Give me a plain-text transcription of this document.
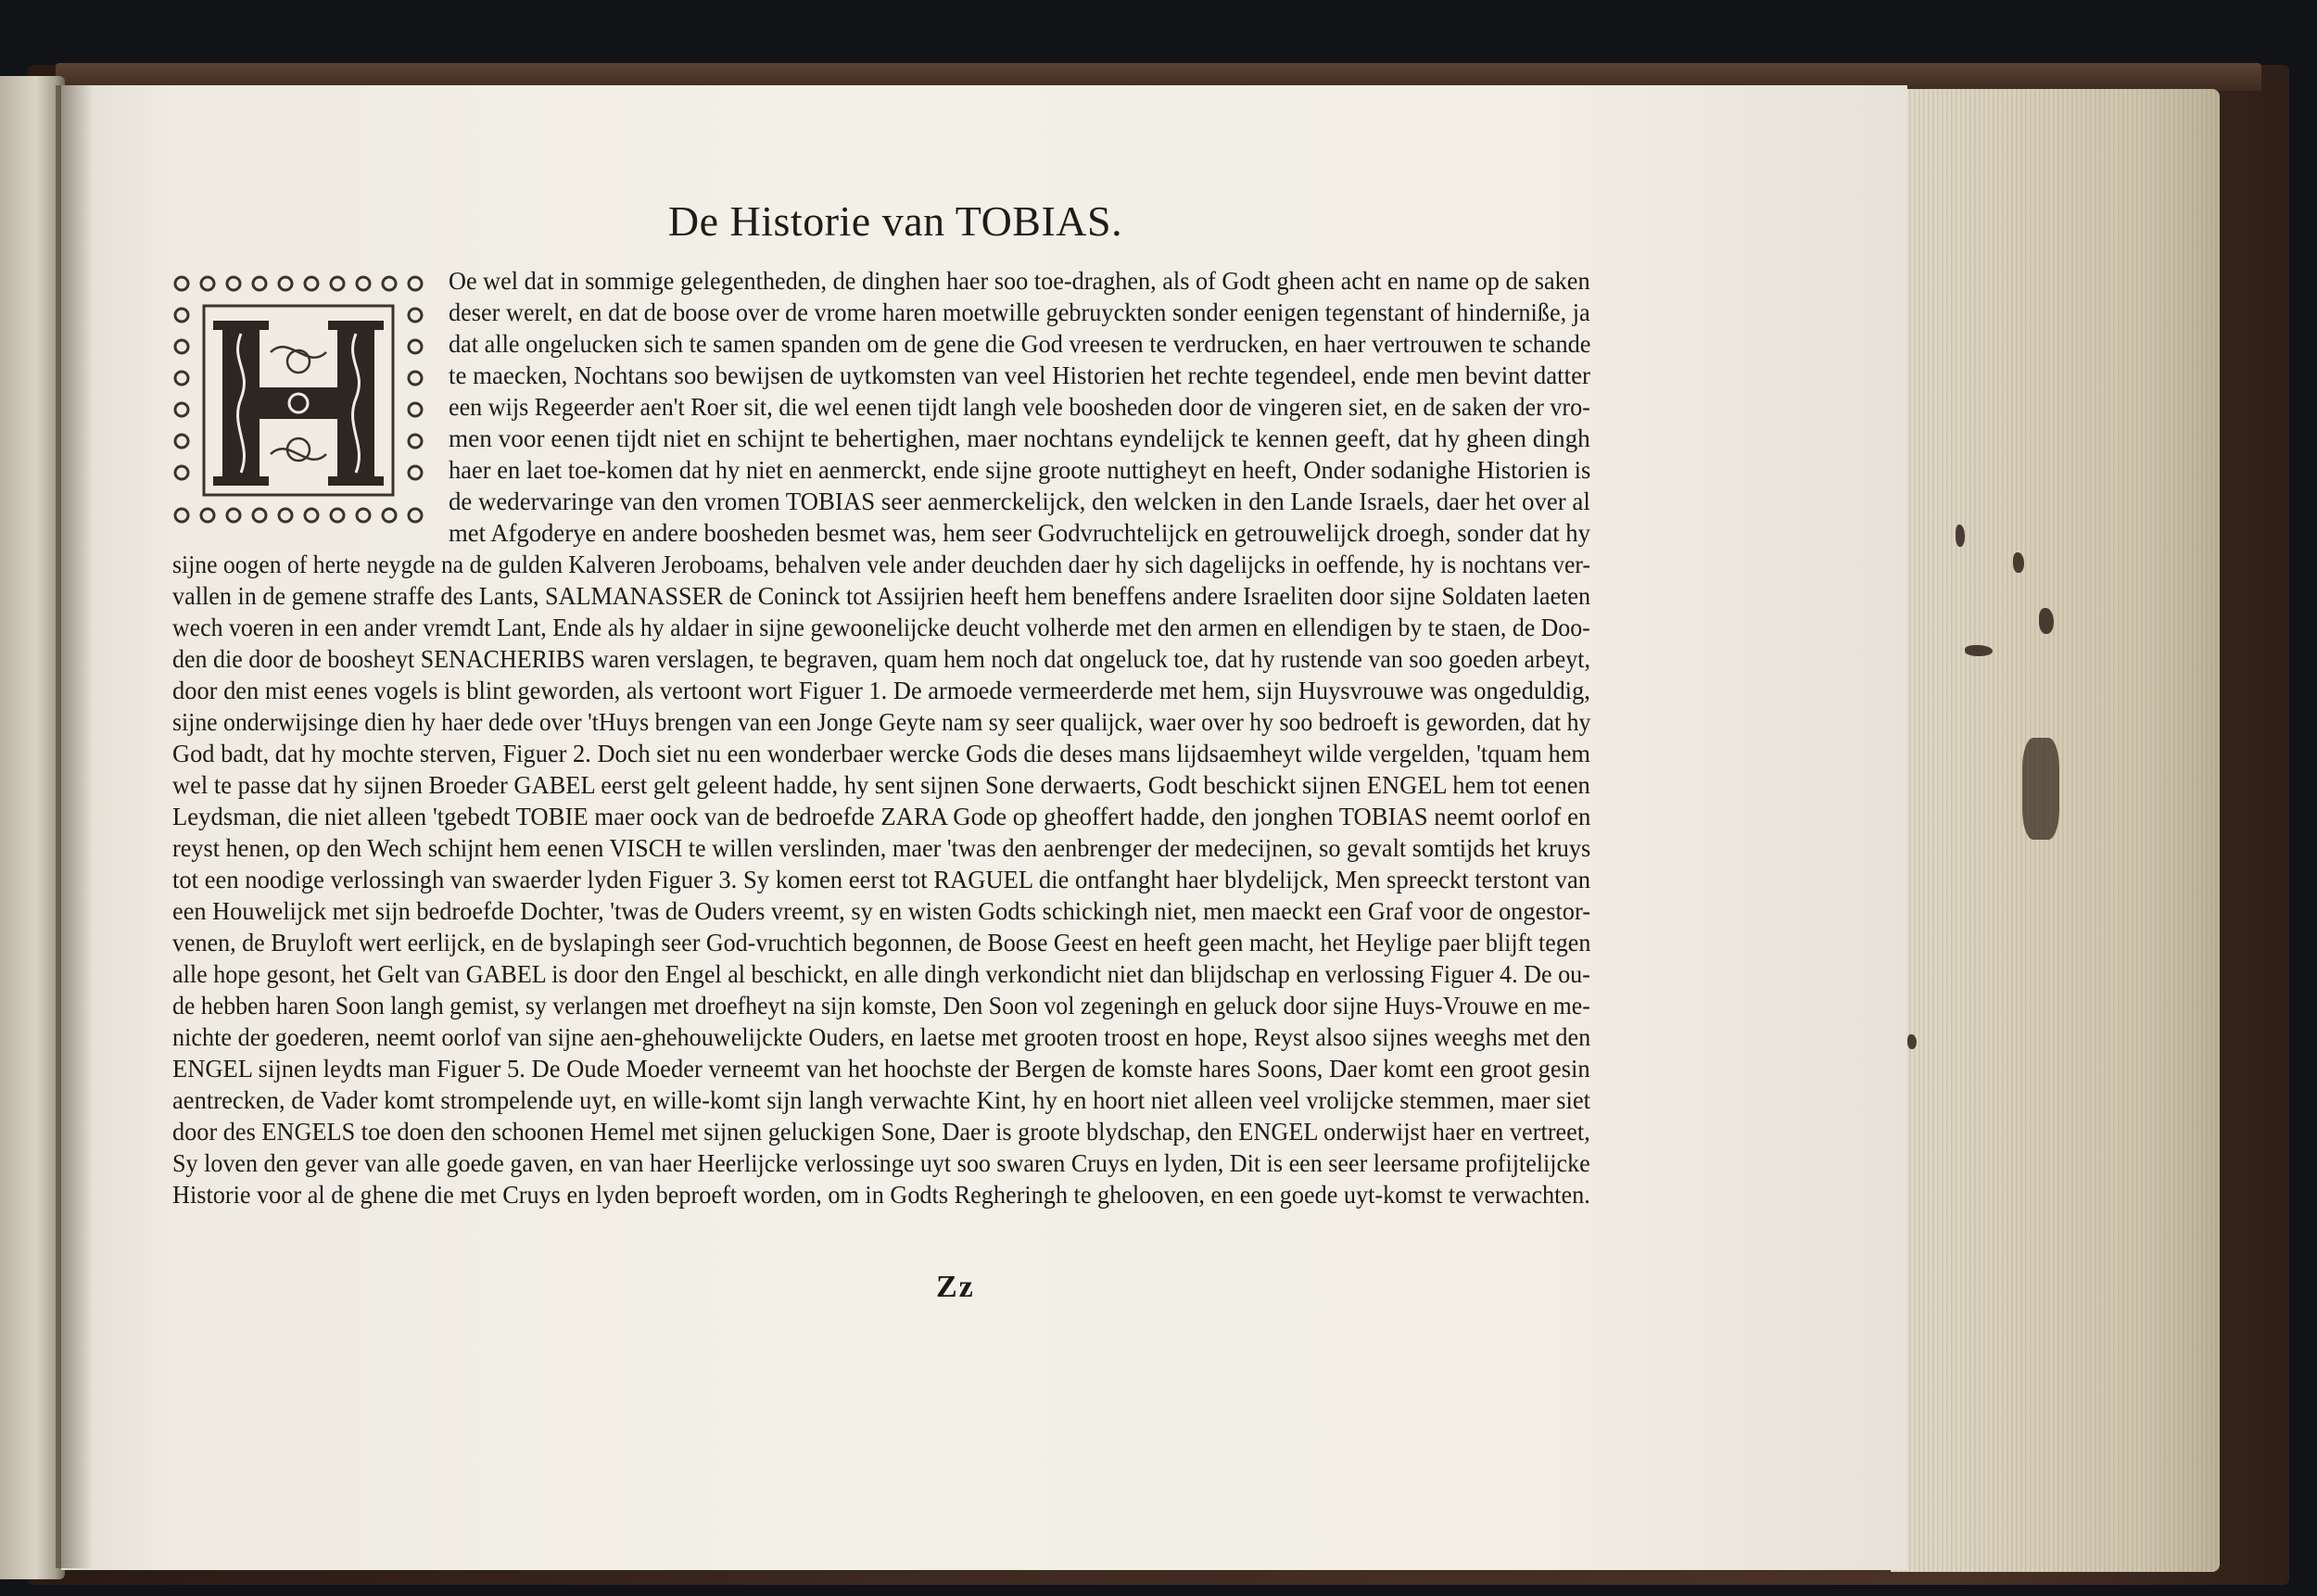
De Historie van TOBIAS.
Oe wel dat in sommige gelegentheden, de dinghen haer soo toe-draghen, als of Godt gheen acht en name op de saken
deser werelt, en dat de boose over de vrome haren moetwille gebruyckten sonder eenigen tegenstant of hinderniße, ja
dat alle ongelucken sich te samen spanden om de gene die God vreesen te verdrucken, en haer vertrouwen te schande
te maecken, Nochtans soo bewijsen de uytkomsten van veel Historien het rechte tegendeel, ende men bevint datter
een wijs Regeerder aen't Roer sit, die wel eenen tijdt langh vele boosheden door de vingeren siet, en de saken der vro-
men voor eenen tijdt niet en schijnt te behertighen, maer nochtans eyndelijck te kennen geeft, dat hy gheen dingh
haer en laet toe-komen dat hy niet en aenmerckt, ende sijne groote nuttigheyt en heeft, Onder sodanighe Historien is
de wedervaringe van den vromen TOBIAS seer aenmerckelijck, den welcken in den Lande Israels, daer het over al
met Afgoderye en andere boosheden besmet was, hem seer Godvruchtelijck en getrouwelijck droegh, sonder dat hy
sijne oogen of herte neygde na de gulden Kalveren Jeroboams, behalven vele ander deuchden daer hy sich dagelijcks in oeffende, hy is nochtans ver-
vallen in de gemene straffe des Lants, SALMANASSER de Coninck tot Assijrien heeft hem beneffens andere Israeliten door sijne Soldaten laeten
wech voeren in een ander vremdt Lant, Ende als hy aldaer in sijne gewoonelijcke deucht volherde met den armen en ellendigen by te staen, de Doo-
den die door de boosheyt SENACHERIBS waren verslagen, te begraven, quam hem noch dat ongeluck toe, dat hy rustende van soo goeden arbeyt,
door den mist eenes vogels is blint geworden, als vertoont wort Figuer 1. De armoede vermeerderde met hem, sijn Huysvrouwe was ongeduldig,
sijne onderwijsinge dien hy haer dede over 'tHuys brengen van een Jonge Geyte nam sy seer qualijck, waer over hy soo bedroeft is geworden, dat hy
God badt, dat hy mochte sterven, Figuer 2. Doch siet nu een wonderbaer wercke Gods die deses mans lijdsaemheyt wilde vergelden, 'tquam hem
wel te passe dat hy sijnen Broeder GABEL eerst gelt geleent hadde, hy sent sijnen Sone derwaerts, Godt beschickt sijnen ENGEL hem tot eenen
Leydsman, die niet alleen 'tgebedt TOBIE maer oock van de bedroefde ZARA Gode op gheoffert hadde, den jonghen TOBIAS neemt oorlof en
reyst henen, op den Wech schijnt hem eenen VISCH te willen verslinden, maer 'twas den aenbrenger der medecijnen, so gevalt somtijds het kruys
tot een noodige verlossingh van swaerder lyden Figuer 3. Sy komen eerst tot RAGUEL die ontfanght haer blydelijck, Men spreeckt terstont van
een Houwelijck met sijn bedroefde Dochter, 'twas de Ouders vreemt, sy en wisten Godts schickingh niet, men maeckt een Graf voor de ongestor-
venen, de Bruyloft wert eerlijck, en de byslapingh seer God-vruchtich begonnen, de Boose Geest en heeft geen macht, het Heylige paer blijft tegen
alle hope gesont, het Gelt van GABEL is door den Engel al beschickt, en alle dingh verkondicht niet dan blijdschap en verlossing Figuer 4. De ou-
de hebben haren Soon langh gemist, sy verlangen met droefheyt na sijn komste, Den Soon vol zegeningh en geluck door sijne Huys-Vrouwe en me-
nichte der goederen, neemt oorlof van sijne aen-ghehouwelijckte Ouders, en laetse met grooten troost en hope, Reyst alsoo sijnes weeghs met den
ENGEL sijnen leydts man Figuer 5. De Oude Moeder verneemt van het hoochste der Bergen de komste hares Soons, Daer komt een groot gesin
aentrecken, de Vader komt strompelende uyt, en wille-komt sijn langh verwachte Kint, hy en hoort niet alleen veel vrolijcke stemmen, maer siet
door des ENGELS toe doen den schoonen Hemel met sijnen geluckigen Sone, Daer is groote blydschap, den ENGEL onderwijst haer en vertreet,
Sy loven den gever van alle goede gaven, en van haer Heerlijcke verlossinge uyt soo swaren Cruys en lyden, Dit is een seer leersame profijtelijcke
Historie voor al de ghene die met Cruys en lyden beproeft worden, om in Godts Regheringh te ghelooven, en een goede uyt-komst te verwachten.
Zz
